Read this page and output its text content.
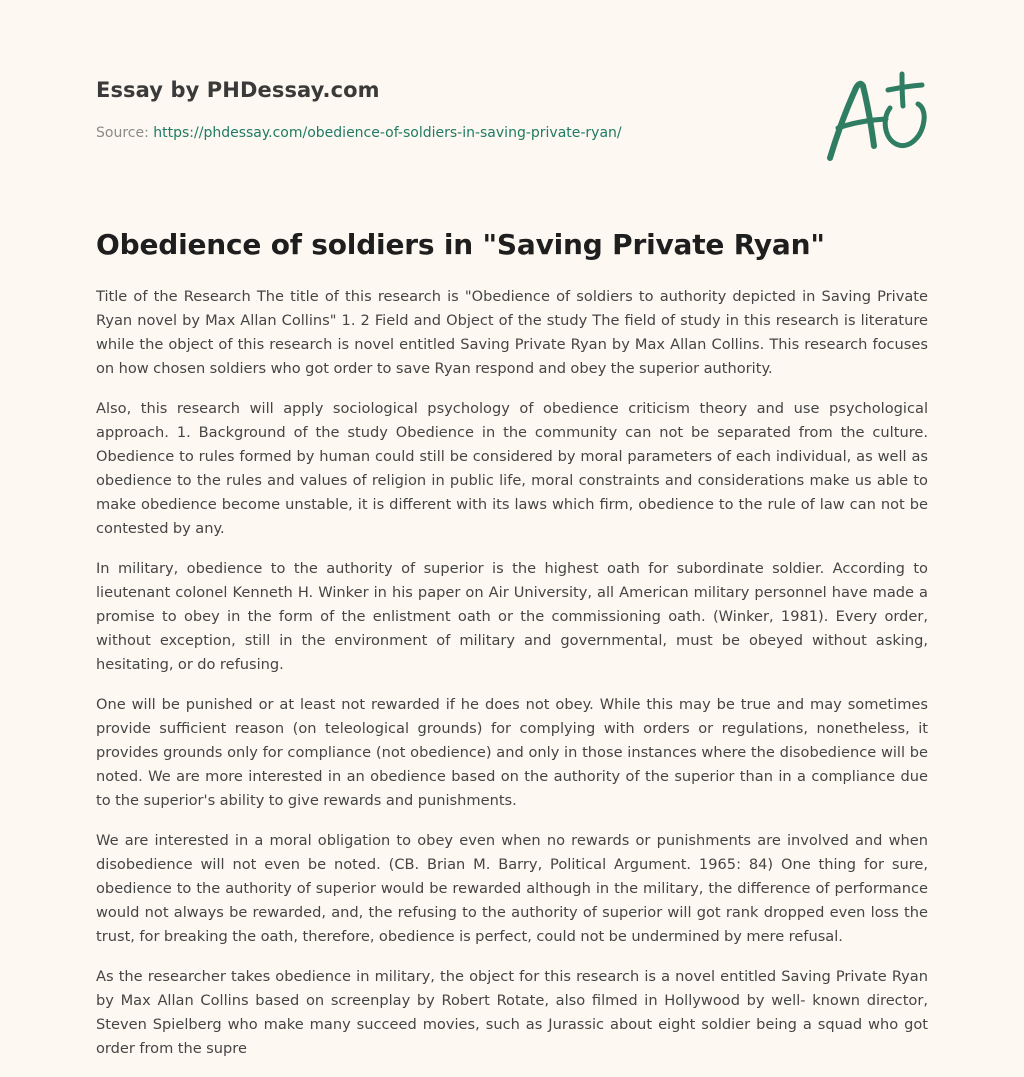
Essay by PHDessay.com
Source: https://phdessay.com/obedience-of-soldiers-in-saving-private-ryan/
Obedience of soldiers in "Saving Private Ryan"

Title of the Research The title of this research is "Obedience of soldiers to authority depicted in Saving Private Ryan novel by Max Allan Collins" 1. 2 Field and Object of the study The field of study in this research is literature while the object of this research is novel entitled Saving Private Ryan by Max Allan Collins. This research focuses on how chosen soldiers who got order to save Ryan respond and obey the superior authority.

Also, this research will apply sociological psychology of obedience criticism theory and use psychological approach. 1. Background of the study Obedience in the community can not be separated from the culture. Obedience to rules formed by human could still be considered by moral parameters of each individual, as well as obedience to the rules and values of religion in public life, moral constraints and considerations make us able to make obedience become unstable, it is different with its laws which firm, obedience to the rule of law can not be contested by any.

In military, obedience to the authority of superior is the highest oath for subordinate soldier. According to lieutenant colonel Kenneth H. Winker in his paper on Air University, all American military personnel have made a promise to obey in the form of the enlistment oath or the commissioning oath. (Winker, 1981). Every order, without exception, still in the environment of military and governmental, must be obeyed without asking, hesitating, or do refusing.

One will be punished or at least not rewarded if he does not obey. While this may be true and may sometimes provide sufficient reason (on teleological grounds) for complying with orders or regulations, nonetheless, it provides grounds only for compliance (not obedience) and only in those instances where the disobedience will be noted. We are more interested in an obedience based on the authority of the superior than in a compliance due to the superior's ability to give rewards and punishments.

We are interested in a moral obligation to obey even when no rewards or punishments are involved and when disobedience will not even be noted. (CB. Brian M. Barry, Political Argument. 1965: 84) One thing for sure, obedience to the authority of superior would be rewarded although in the military, the difference of performance would not always be rewarded, and, the refusing to the authority of superior will got rank dropped even loss the trust, for breaking the oath, therefore, obedience is perfect, could not be undermined by mere refusal.

As the researcher takes obedience in military, the object for this research is a novel entitled Saving Private Ryan by Max Allan Collins based on screenplay by Robert Rotate, also filmed in Hollywood by well- known director, Steven Spielberg who make many succeed movies, such as Jurassic about eight soldier being a squad who got order from the supre
